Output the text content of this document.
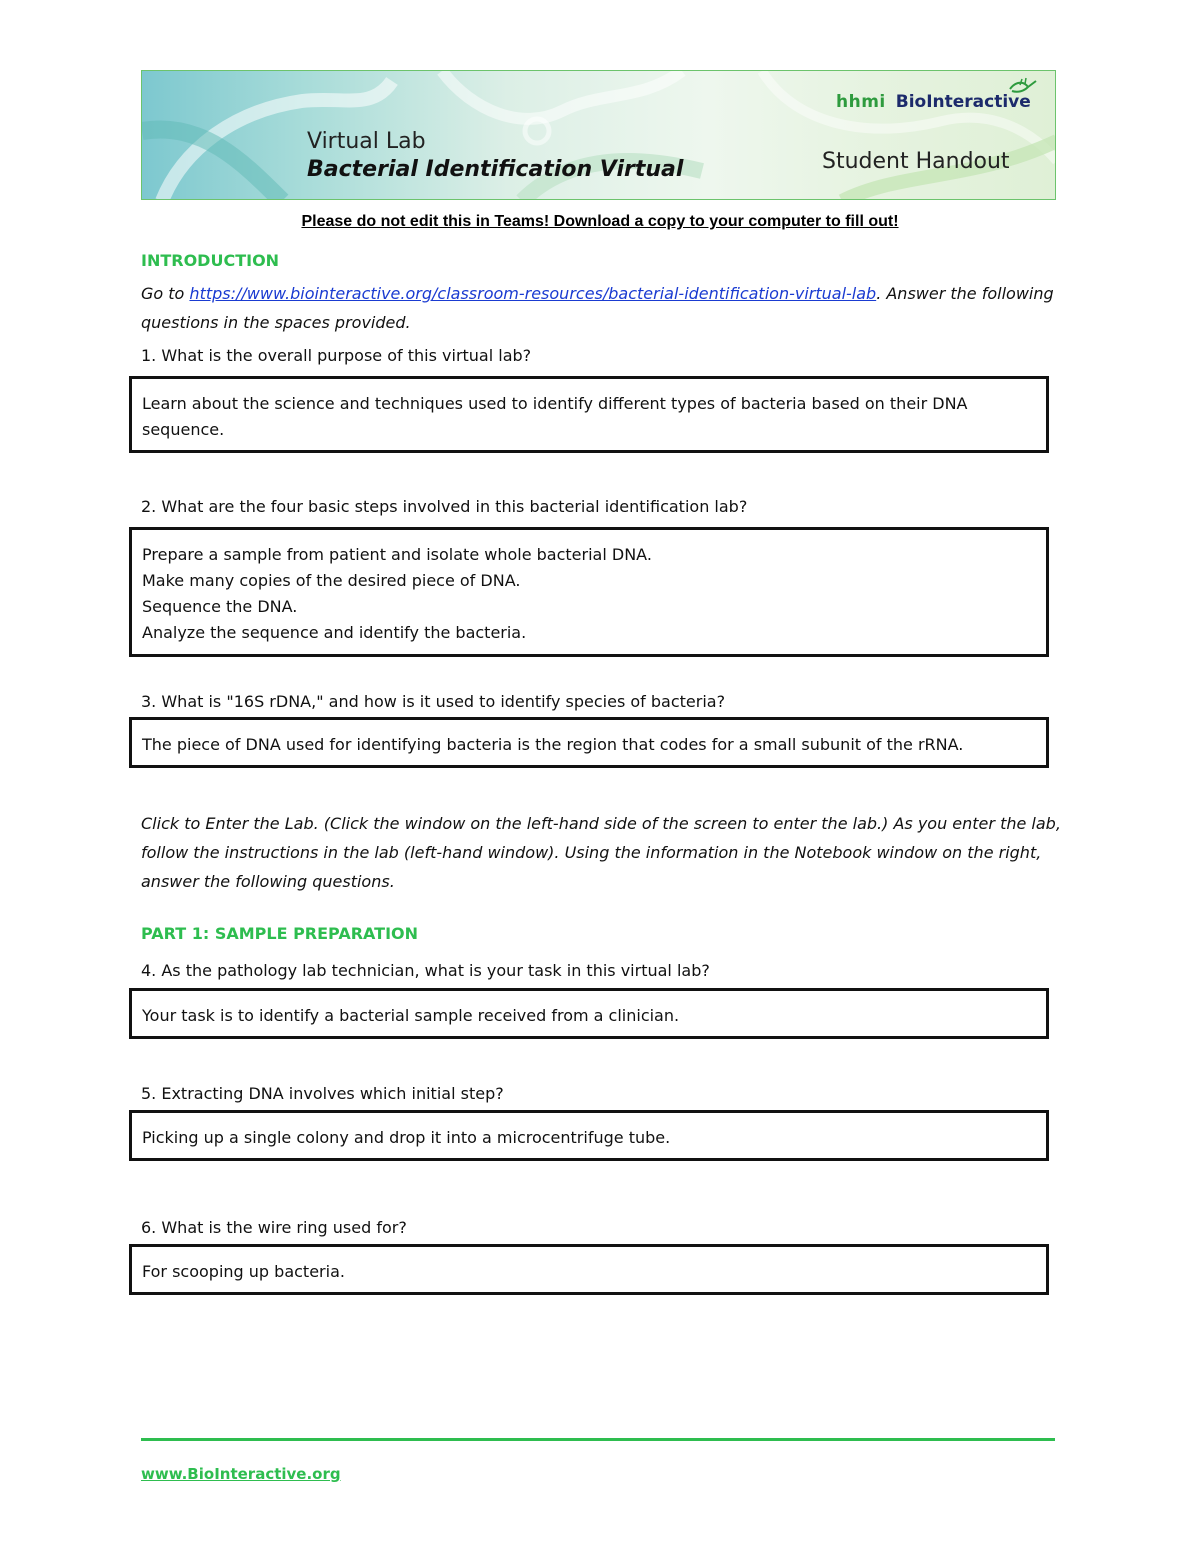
hhmi BioInteractive
Virtual Lab
Bacterial Identification Virtual	Student Handout
Please do not edit this in Teams! Download a copy to your computer to fill out!
INTRODUCTION
Go to https://www.biointeractive.org/classroom-resources/bacterial-identification-virtual-lab. Answer the following questions in the spaces provided.
1. What is the overall purpose of this virtual lab?
Learn about the science and techniques used to identify different types of bacteria based on their DNA sequence.
2. What are the four basic steps involved in this bacterial identification lab?
Prepare a sample from patient and isolate whole bacterial DNA.
Make many copies of the desired piece of DNA.
Sequence the DNA.
Analyze the sequence and identify the bacteria.
3. What is "16S rDNA," and how is it used to identify species of bacteria?
The piece of DNA used for identifying bacteria is the region that codes for a small subunit of the rRNA.
Click to Enter the Lab. (Click the window on the left-hand side of the screen to enter the lab.) As you enter the lab, follow the instructions in the lab (left-hand window). Using the information in the Notebook window on the right, answer the following questions.
PART 1: SAMPLE PREPARATION
4. As the pathology lab technician, what is your task in this virtual lab?
Your task is to identify a bacterial sample received from a clinician.
5. Extracting DNA involves which initial step?
Picking up a single colony and drop it into a microcentrifuge tube.
6. What is the wire ring used for?
For scooping up bacteria.
www.BioInteractive.org
